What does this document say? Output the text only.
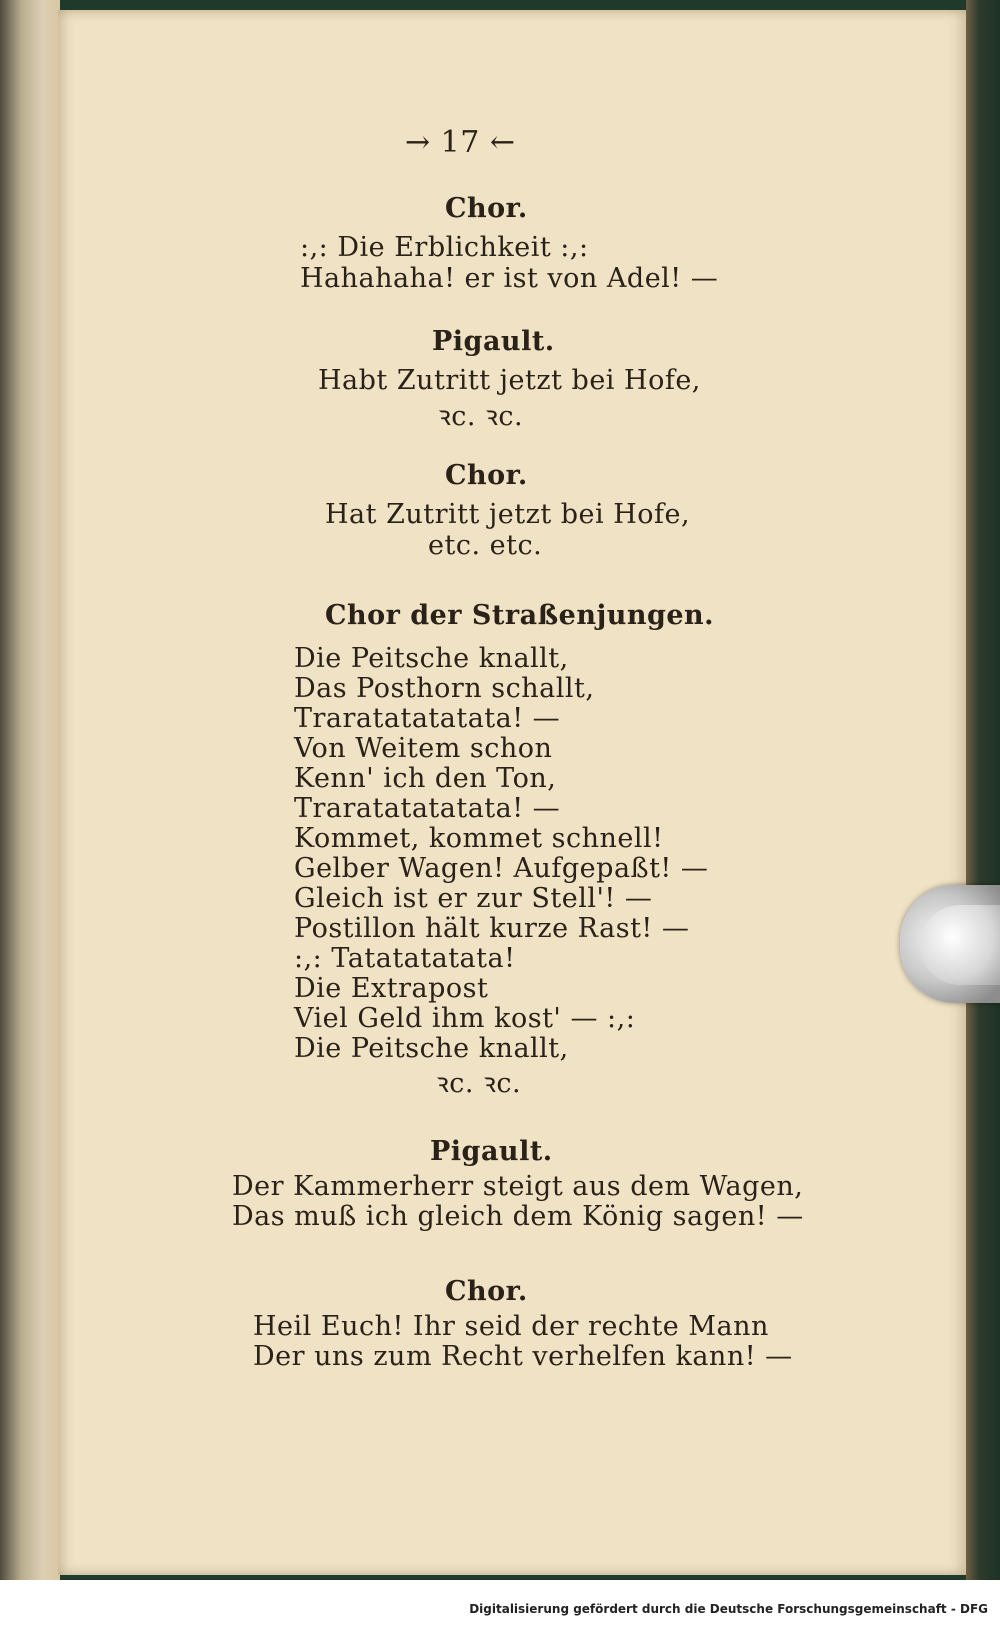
→ 17 ←
Chor.
:,: Die Erblichkeit :,:
Hahahaha! er ist von Adel! —
Pigault.
Habt Zutritt jetzt bei Hofe,
ꝛc. ꝛc.
Chor.
Hat Zutritt jetzt bei Hofe,
etc. etc.
Chor der Straßenjungen.
Die Peitsche knallt,
Das Posthorn schallt,
Traratatatatata! —
Von Weitem schon
Kenn' ich den Ton,
Traratatatatata! —
Kommet, kommet schnell!
Gelber Wagen! Aufgepaßt! —
Gleich ist er zur Stell'! —
Postillon hält kurze Rast! —
:,: Tatatatatata!
Die Extrapost
Viel Geld ihm kost' — :,:
Die Peitsche knallt,
ꝛc. ꝛc.
Pigault.
Der Kammerherr steigt aus dem Wagen,
Das muß ich gleich dem König sagen! —
Chor.
Heil Euch! Ihr seid der rechte Mann
Der uns zum Recht verhelfen kann! —
Digitalisierung gefördert durch die Deutsche Forschungsgemeinschaft - DFG
